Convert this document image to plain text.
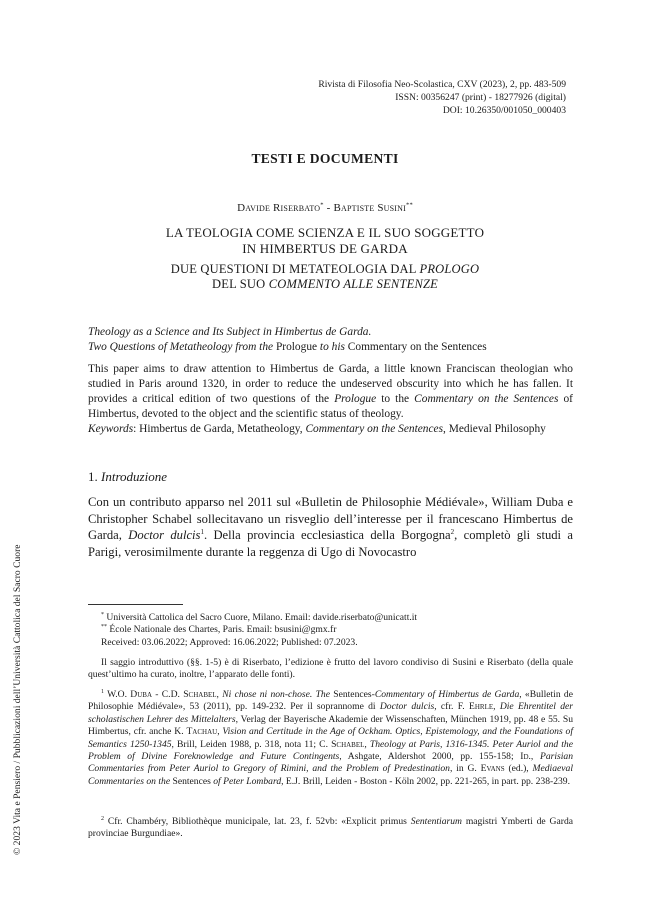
Rivista di Filosofia Neo-Scolastica, CXV (2023), 2, pp. 483-509
ISSN: 00356247 (print) - 18277926 (digital)
DOI: 10.26350/001050_000403
TESTI E DOCUMENTI
Davide Riserbato* - Baptiste Susini**
LA TEOLOGIA COME SCIENZA E IL SUO SOGGETTO
IN HIMBERTUS DE GARDA
DUE QUESTIONI DI METATEOLOGIA DAL PROLOGO
DEL SUO COMMENTO ALLE SENTENZE
Theology as a Science and Its Subject in Himbertus de Garda.
Two Questions of Metatheology from the Prologue to his Commentary on the Sentences
This paper aims to draw attention to Himbertus de Garda, a little known Franciscan theologian who studied in Paris around 1320, in order to reduce the undeserved obscurity into which he has fallen. It provides a critical edition of two questions of the Prologue to the Commentary on the Sentences of Himbertus, devoted to the object and the scientific status of theology.
Keywords: Himbertus de Garda, Metatheology, Commentary on the Sentences, Medieval Philosophy
1. Introduzione
Con un contributo apparso nel 2011 sul «Bulletin de Philosophie Médiévale», William Duba e Christopher Schabel sollecitavano un risveglio dell’interesse per il francescano Himbertus de Garda, Doctor dulcis$^1$. Della provincia ecclesiastica della Borgogna$^2$, completò gli studi a Parigi, verosimilmente durante la reggenza di Ugo di Novocastro

* Università Cattolica del Sacro Cuore, Milano. Email: davide.riserbato@unicatt.it

** École Nationale des Chartes, Paris. Email: bsusini@gmx.fr

Received: 03.06.2022; Approved: 16.06.2022; Published: 07.2023.

Il saggio introduttivo (§§. 1-5) è di Riserbato, l’edizione è frutto del lavoro condiviso di Susini e Riserbato (della quale quest’ultimo ha curato, inoltre, l’apparato delle fonti).

$^1$ W.O. Duba - C.D. Schabel, Ni chose ni non-chose. The Sentences-Commentary of Himbertus de Garda, «Bulletin de Philosophie Médiévale», 53 (2011), pp. 149-232. Per il soprannome di Doctor dulcis, cfr. F. Ehrle, Die Ehrentitel der scholastischen Lehrer des Mittelalters, Verlag der Bayerische Akademie der Wissenschaften, München 1919, pp. 48 e 55. Su Himbertus, cfr. anche K. Tachau, Vision and Certitude in the Age of Ockham. Optics, Epistemology, and the Foundations of Semantics 1250-1345, Brill, Leiden 1988, p. 318, nota 11; C. Schabel, Theology at Paris, 1316-1345. Peter Auriol and the Problem of Divine Foreknowledge and Future Contingents, Ashgate, Aldershot 2000, pp. 155-158; Id., Parisian Commentaries from Peter Auriol to Gregory of Rimini, and the Problem of Predestination, in G. Evans (ed.), Mediaeval Commentaries on the Sentences of Peter Lombard, E.J. Brill, Leiden - Boston - Köln 2002, pp. 221-265, in part. pp. 238-239.

$^2$ Cfr. Chambéry, Bibliothèque municipale, lat. 23, f. 52vb: «Explicit primus Sententiarum magistri Ymberti de Garda provinciae Burgundiae».

© 2023 Vita e Pensiero / Pubblicazioni dell’Università Cattolica del Sacro Cuore
